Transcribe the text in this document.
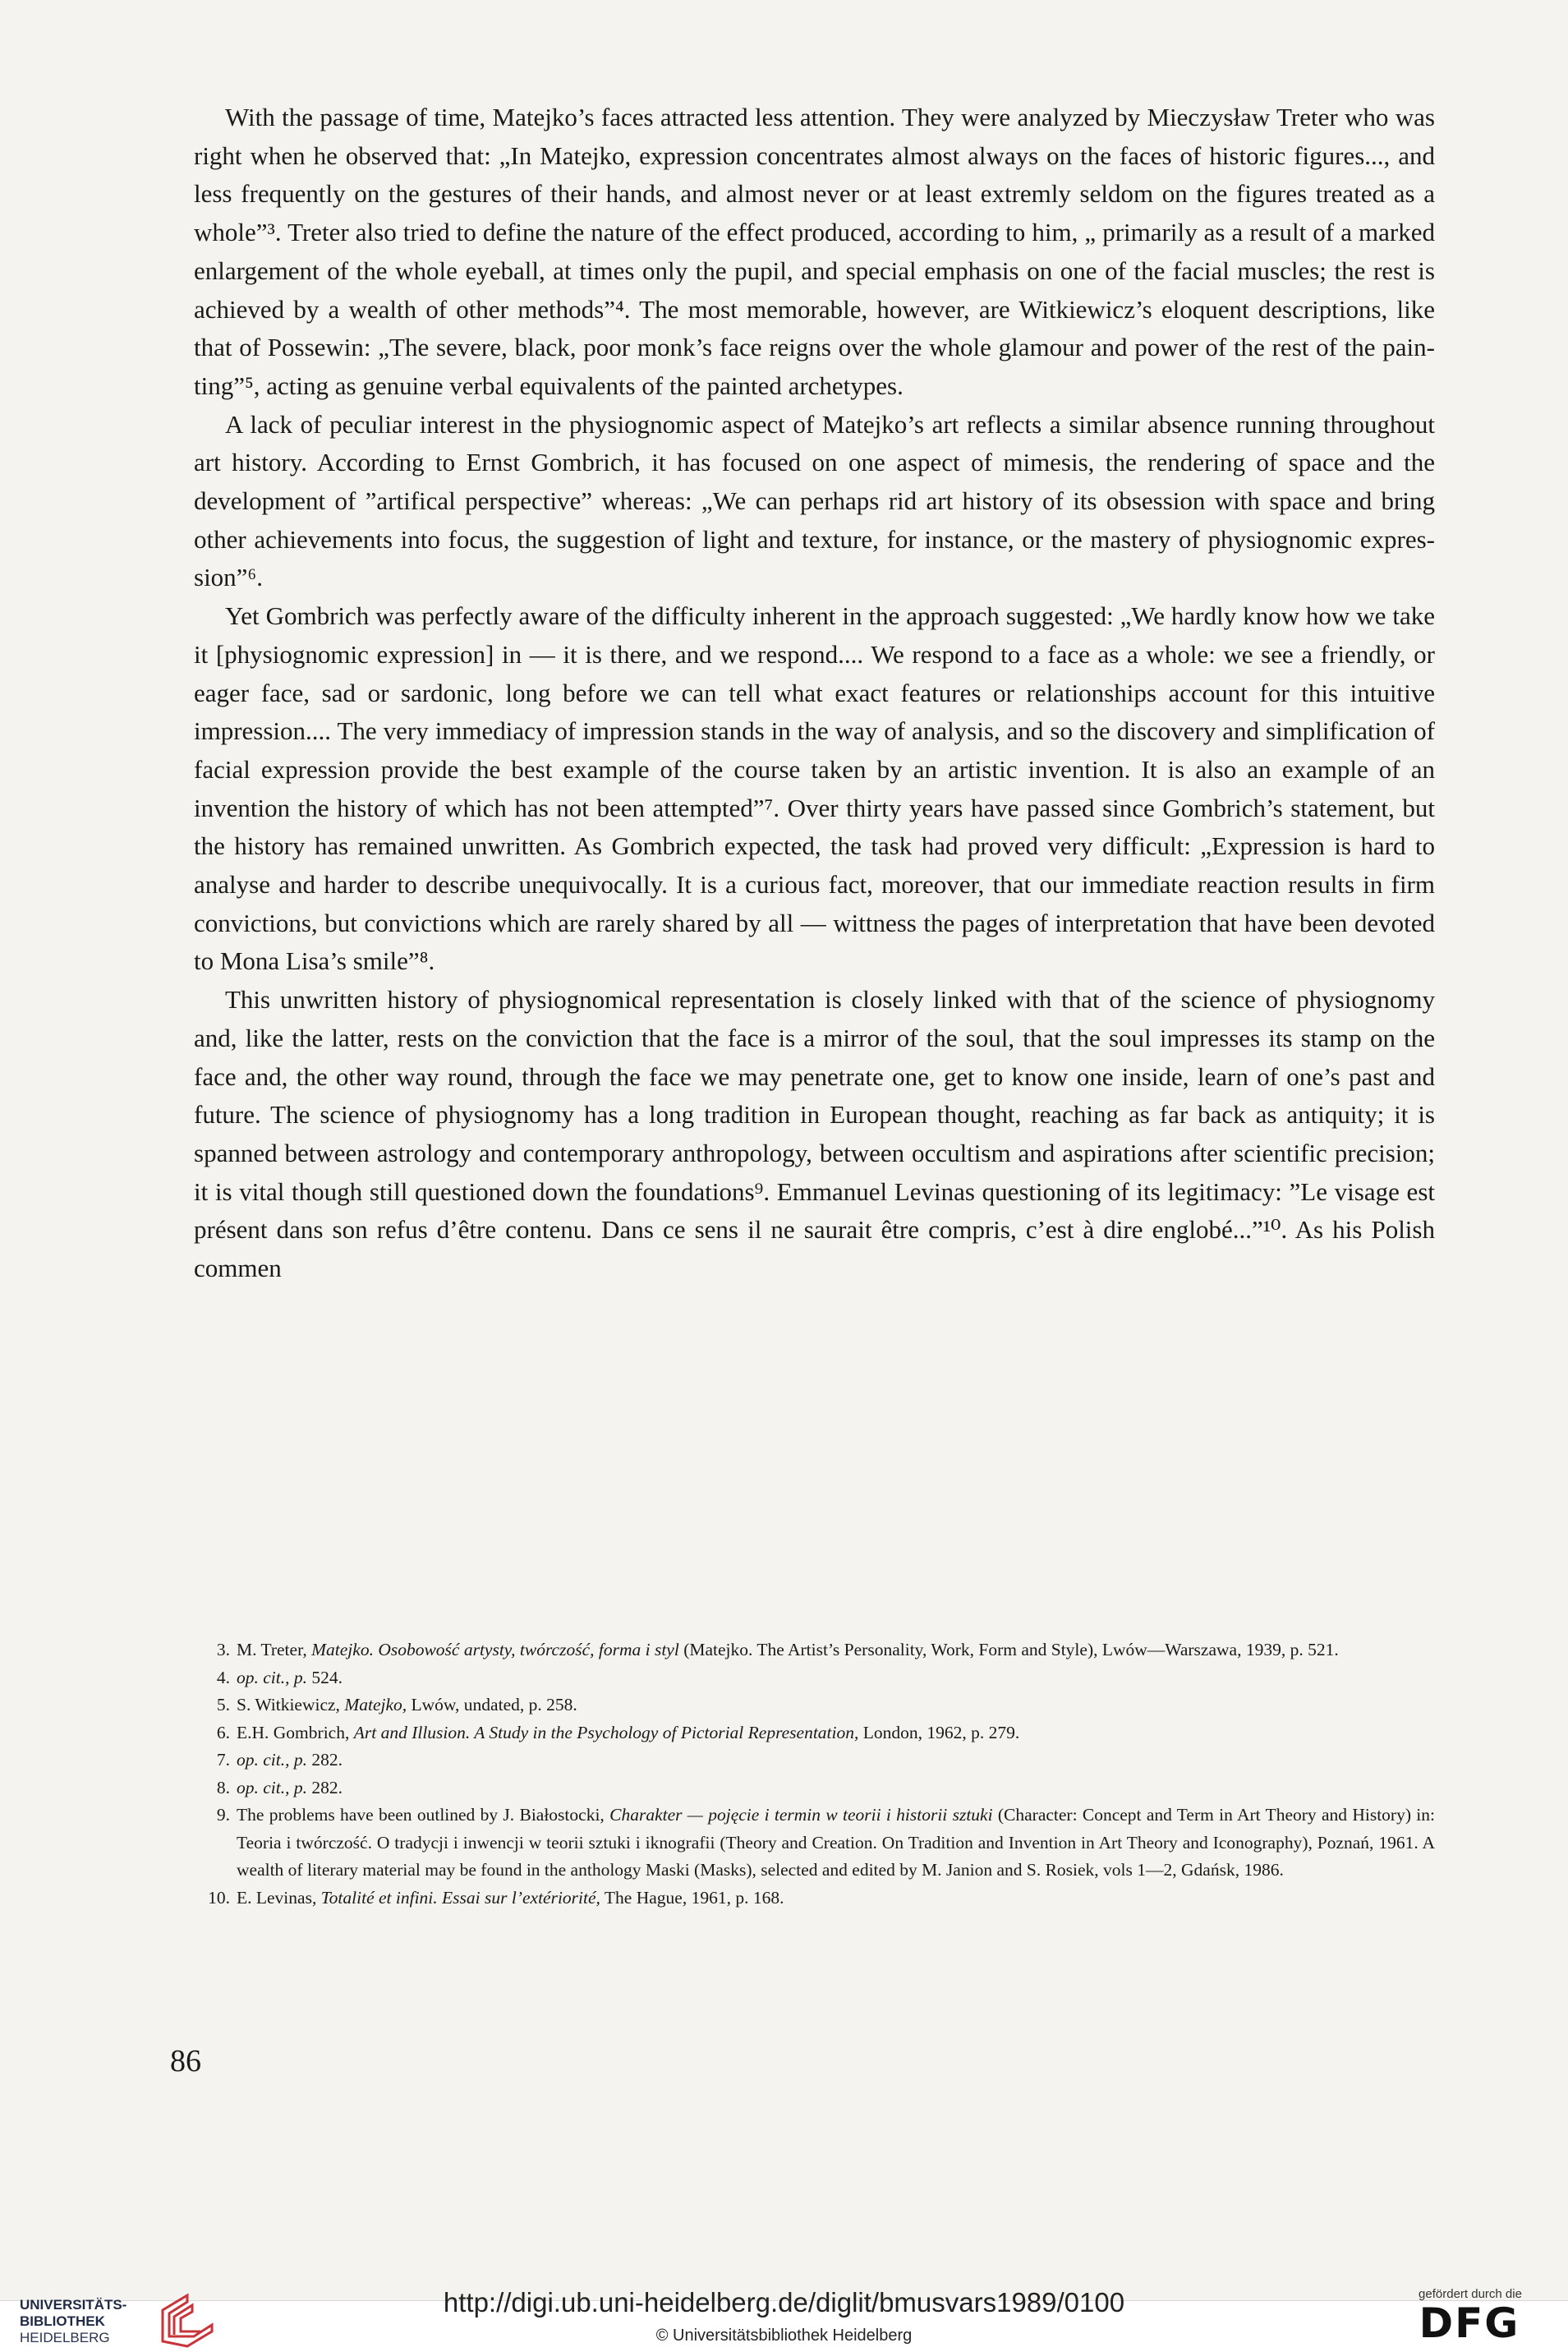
With the passage of time, Matejko’s faces attracted less attention. They were analyzed by Mieczysław Treter who was right when he observed that: „In Matejko, expression concentrates almost always on the faces of historic figures..., and less frequently on the gestures of their hands, and almost never or at least extremly seldom on the figures treated as a whole”³. Treter also tried to define the nature of the effect produced, according to him, „ primarily as a result of a marked enlargement of the whole eyeball, at times only the pupil, and special emphasis on one of the facial muscles; the rest is achieved by a wealth of other methods”⁴. The most memorable, however, are Witkiewicz’s eloquent descriptions, like that of Possewin: „The severe, black, poor monk’s face reigns over the whole glamour and power of the rest of the painting”⁵, acting as genuine verbal equivalents of the painted archetypes.

A lack of peculiar interest in the physiognomic aspect of Matejko’s art reflects a similar absence running throughout art history. According to Ernst Gombrich, it has focused on one aspect of mimesis, the rendering of space and the development of ”artifical perspective” whereas: „We can perhaps rid art history of its obsession with space and bring other achievements into focus, the suggestion of light and texture, for instance, or the mastery of physiognomic expression”⁶.

Yet Gombrich was perfectly aware of the difficulty inherent in the approach suggested: „We hardly know how we take it [physiognomic expression] in — it is there, and we respond.... We respond to a face as a whole: we see a friendly, or eager face, sad or sardonic, long before we can tell what exact features or relationships account for this intuitive impression.... The very immediacy of impression stands in the way of analysis, and so the discovery and simplification of facial expression provide the best example of the course taken by an artistic invention. It is also an example of an invention the history of which has not been attempted”⁷. Over thirty years have passed since Gombrich’s statement, but the history has remained unwritten. As Gombrich expected, the task had proved very difficult: „Expression is hard to analyse and harder to describe unequivocally. It is a curious fact, moreover, that our immediate reaction results in firm convictions, but convictions which are rarely shared by all — wittness the pages of interpretation that have been devoted to Mona Lisa’s smile”⁸.

This unwritten history of physiognomical representation is closely linked with that of the science of physiognomy and, like the latter, rests on the conviction that the face is a mirror of the soul, that the soul impresses its stamp on the face and, the other way round, through the face we may penetrate one, get to know one inside, learn of one’s past and future. The science of physiognomy has a long tradition in European thought, reaching as far back as antiquity; it is spanned between astrology and contemporary anthropology, between occultism and aspirations after scientific precision; it is vital though still questioned down the foundations⁹. Emmanuel Levinas questioning of its legitimacy: ”Le visage est présent dans son refus d’être contenu. Dans ce sens il ne saurait être compris, c’est à dire englobé...”¹⁰. As his Polish commen

3. M. Treter, Matejko. Osobowość artysty, twórczość, forma i styl (Matejko. The Artist’s Personality, Work, Form and Style), Lwów—Warszawa, 1939, p. 521.
4. op. cit., p. 524.
5. S. Witkiewicz, Matejko, Lwów, undated, p. 258.
6. E.H. Gombrich, Art and Illusion. A Study in the Psychology of Pictorial Representation, London, 1962, p. 279.
7. op. cit., p. 282.
8. op. cit., p. 282.
9. The problems have been outlined by J. Białostocki, Charakter — pojęcie i termin w teorii i historii sztuki (Character: Concept and Term in Art Theory and History) in: Teoria i twórczość. O tradycji i inwencji w teorii sztuki i iknografii (Theory and Creation. On Tradition and Invention in Art Theory and Iconography), Poznań, 1961. A wealth of literary material may be found in the anthology Maski (Masks), selected and edited by M. Janion and S. Rosiek, vols 1—2, Gdańsk, 1986.
10. E. Levinas, Totalité et infini. Essai sur l’extériorité, The Hague, 1961, p. 168.
86
UNIVERSITÄTS-
BIBLIOTHEK
HEIDELBERG
http://digi.ub.uni-heidelberg.de/diglit/bmusvars1989/0100
© Universitätsbibliothek Heidelberg
gefördert durch die
DFG
